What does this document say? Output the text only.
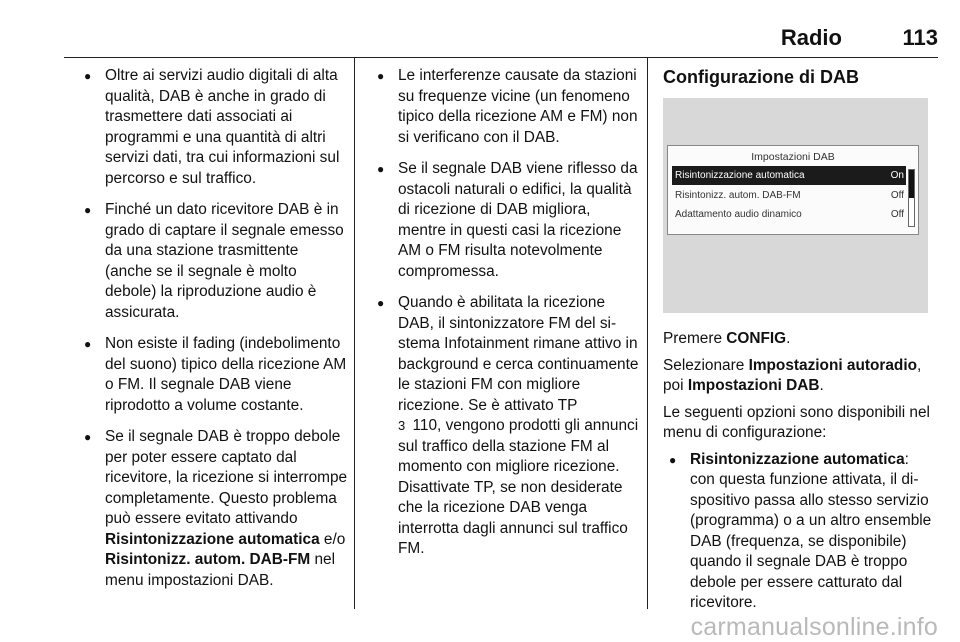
Radio	113
● Oltre ai servizi audio digitali di alta qualità, DAB è anche in grado di trasmettere dati associati ai programmi e una quantità di altri servizi dati, tra cui informazioni sul percorso e sul traffico.
● Finché un dato ricevitore DAB è in grado di captare il segnale emesso da una stazione trasmittente (anche se il segnale è molto debole) la riproduzione audio è assicurata.
● Non esiste il fading (indebolimento del suono) tipico della ricezione AM o FM. Il segnale DAB viene riprodotto a volume costante.
● Se il segnale DAB è troppo debole per poter essere captato dal ricevitore, la ricezione si interrompe completamente. Questo problema può essere evitato attivando Risintonizzazione automatica e/o Risintonizz. autom. DAB-FM nel menu impostazioni DAB.
● Le interferenze causate da stazioni su frequenze vicine (un fenomeno tipico della ricezione AM e FM) non si verificano con il DAB.
● Se il segnale DAB viene riflesso da ostacoli naturali o edifici, la qualità di ricezione di DAB migliora, mentre in questi casi la ricezione AM o FM risulta notevolmente compromessa.
● Quando è abilitata la ricezione DAB, il sintonizzatore FM del sistema Infotainment rimane attivo in background e cerca continuamente le stazioni FM con migliore ricezione. Se è attivato TP
3 110, vengono prodotti gli annunci sul traffico della stazione FM al momento con migliore ricezione. Disattivate TP, se non desiderate che la ricezione DAB venga interrotta dagli annunci sul traffico FM.
Configurazione di DAB
Impostazioni DAB
Risintonizzazione automatica	On
Risintonizz. autom. DAB-FM	Off
Adattamento audio dinamico	Off
Premere CONFIG.
Selezionare Impostazioni autoradio, poi Impostazioni DAB.
Le seguenti opzioni sono disponibili nel menu di configurazione:
● Risintonizzazione automatica:
con questa funzione attivata, il dispositivo passa allo stesso servizio (programma) o a un altro ensemble DAB (frequenza, se disponibile) quando il segnale DAB è troppo debole per essere catturato dal ricevitore.
carmanualsonline.info
